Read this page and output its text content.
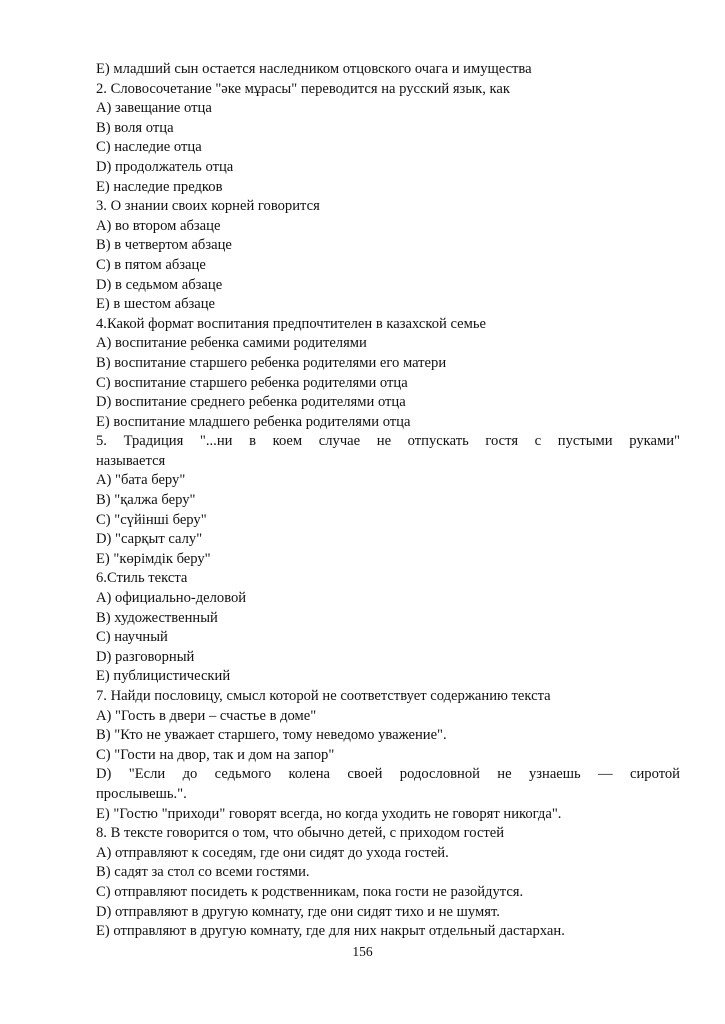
E) младший сын остается наследником отцовского очага и имущества
2. Словосочетание "әке мұрасы" переводится на русский язык, как
A) завещание отца
B) воля отца
C) наследие отца
D) продолжатель отца
E) наследие предков
3. О знании своих корней говорится
A) во втором абзаце
B) в четвертом абзаце
C) в пятом абзаце
D) в седьмом абзаце
E) в шестом абзаце
4.Какой формат воспитания предпочтителен в казахской семье
A) воспитание ребенка самими родителями
B) воспитание старшего ребенка родителями его матери
C) воспитание старшего ребенка родителями отца
D) воспитание среднего ребенка родителями отца
E) воспитание младшего ребенка родителями отца
5. Традиция "...ни в коем случае не отпускать гостя с пустыми руками"
называется
A) "бата беру"
B) "қалжа беру"
C) "сүйінші беру"
D) "сарқыт салу"
E) "көрімдік беру"
6.Стиль текста
A) официально-деловой
B) художественный
C) научный
D) разговорный
E) публицистический
7. Найди пословицу, смысл которой не соответствует содержанию текста
A) "Гость в двери – счастье в доме"
B) "Кто не уважает старшего, тому неведомо уважение".
C) "Гости на двор, так и дом на запор"
D) "Если до седьмого колена своей родословной не узнаешь — сиротой
прослывешь.".
E) "Гостю "приходи" говорят всегда, но когда уходить не говорят никогда".
8. В тексте говорится о том, что обычно детей, с приходом гостей
A) отправляют к соседям, где они сидят до ухода гостей.
B) садят за стол со всеми гостями.
C) отправляют посидеть к родственникам, пока гости не разойдутся.
D) отправляют в другую комнату, где они сидят тихо и не шумят.
E) отправляют в другую комнату, где для них накрыт отдельный дастархан.
156
